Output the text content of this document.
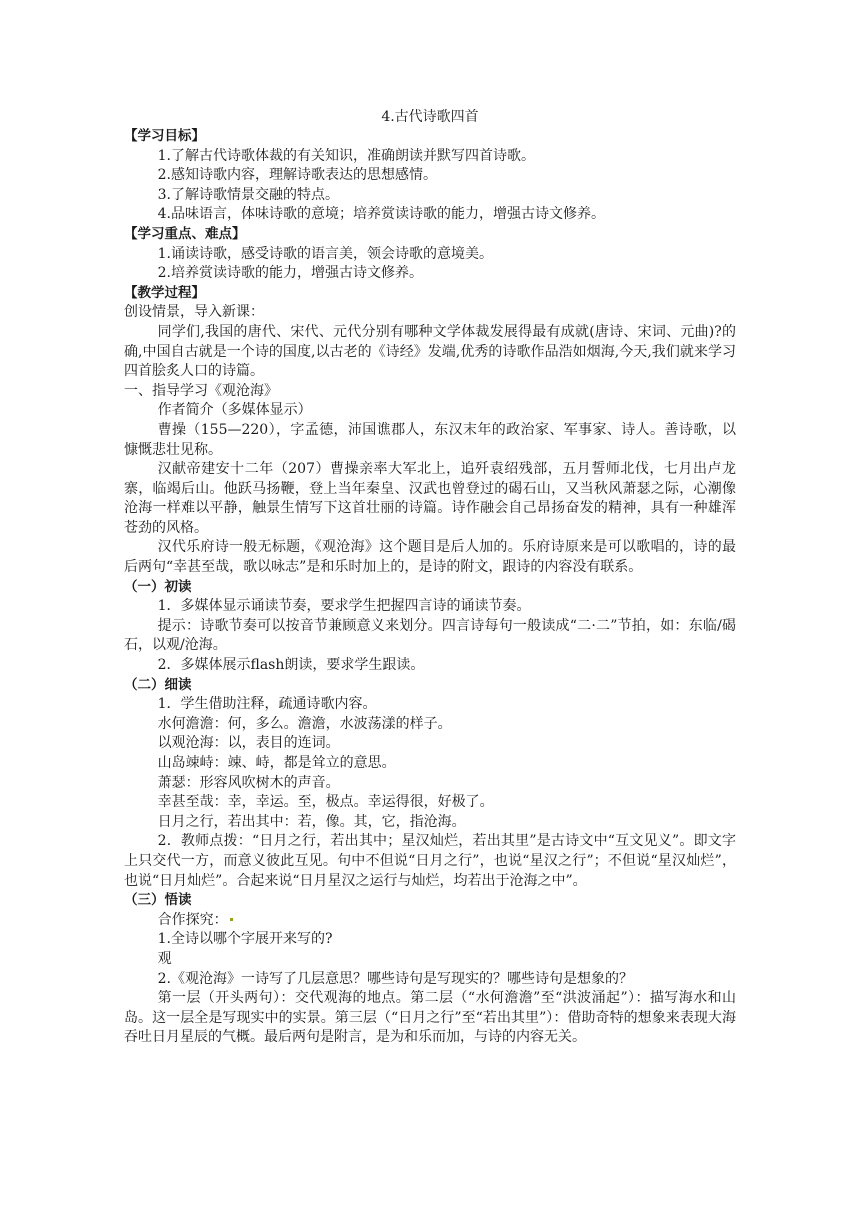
4.古代诗歌四首

【学习目标】

1.了解古代诗歌体裁的有关知识，准确朗读并默写四首诗歌。

2.感知诗歌内容，理解诗歌表达的思想感情。

3.了解诗歌情景交融的特点。

4.品味语言，体味诗歌的意境；培养赏读诗歌的能力，增强古诗文修养。

【学习重点、难点】

1.诵读诗歌，感受诗歌的语言美，领会诗歌的意境美。

2.培养赏读诗歌的能力，增强古诗文修养。

【教学过程】

创设情景，导入新课：

同学们,我国的唐代、宋代、元代分别有哪种文学体裁发展得最有成就(唐诗、宋词、元曲)?的确,中国自古就是一个诗的国度,以古老的《诗经》发端,优秀的诗歌作品浩如烟海,今天,我们就来学习四首脍炙人口的诗篇。

一、指导学习《观沧海》

作者简介（多媒体显示）

曹操（155—220），字孟德，沛国谯郡人，东汉末年的政治家、军事家、诗人。善诗歌，以慷慨悲壮见称。

汉献帝建安十二年（207）曹操亲率大军北上，追歼袁绍残部，五月誓师北伐，七月出卢龙寨，临竭后山。他跃马扬鞭，登上当年秦皇、汉武也曾登过的碣石山，又当秋风萧瑟之际，心潮像沧海一样难以平静，触景生情写下这首壮丽的诗篇。诗作融会自己昂扬奋发的精神，具有一种雄浑苍劲的风格。

汉代乐府诗一般无标题，《观沧海》这个题目是后人加的。乐府诗原来是可以歌唱的，诗的最后两句“幸甚至哉，歌以咏志”是和乐时加上的，是诗的附文，跟诗的内容没有联系。

（一）初读

1．多媒体显示诵读节奏，要求学生把握四言诗的诵读节奏。

提示：诗歌节奏可以按音节兼顾意义来划分。四言诗每句一般读成“二·二”节拍，如：东临/碣石，以观/沧海。

2．多媒体展示flash朗读，要求学生跟读。

（二）细读

1．学生借助注释，疏通诗歌内容。

水何澹澹：何，多么。澹澹，水波荡漾的样子。

以观沧海：以，表目的连词。

山岛竦峙：竦、峙，都是耸立的意思。

萧瑟：形容风吹树木的声音。

幸甚至哉：幸，幸运。至，极点。幸运得很，好极了。

日月之行，若出其中：若，像。其，它，指沧海。

2．教师点拨：“日月之行，若出其中；星汉灿烂，若出其里”是古诗文中“互文见义”。即文字上只交代一方，而意义彼此互见。句中不但说“日月之行”，也说“星汉之行”；不但说“星汉灿烂”，也说“日月灿烂”。合起来说“日月星汉之运行与灿烂，均若出于沧海之中”。

（三）悟读

合作探究：

1.全诗以哪个字展开来写的?

观

2.《观沧海》一诗写了几层意思？哪些诗句是写现实的？哪些诗句是想象的？

第一层（开头两句）：交代观海的地点。第二层（“水何澹澹”至“洪波涌起”）：描写海水和山岛。这一层全是写现实中的实景。第三层（“日月之行”至“若出其里”）：借助奇特的想象来表现大海吞吐日月星辰的气概。最后两句是附言，是为和乐而加，与诗的内容无关。
